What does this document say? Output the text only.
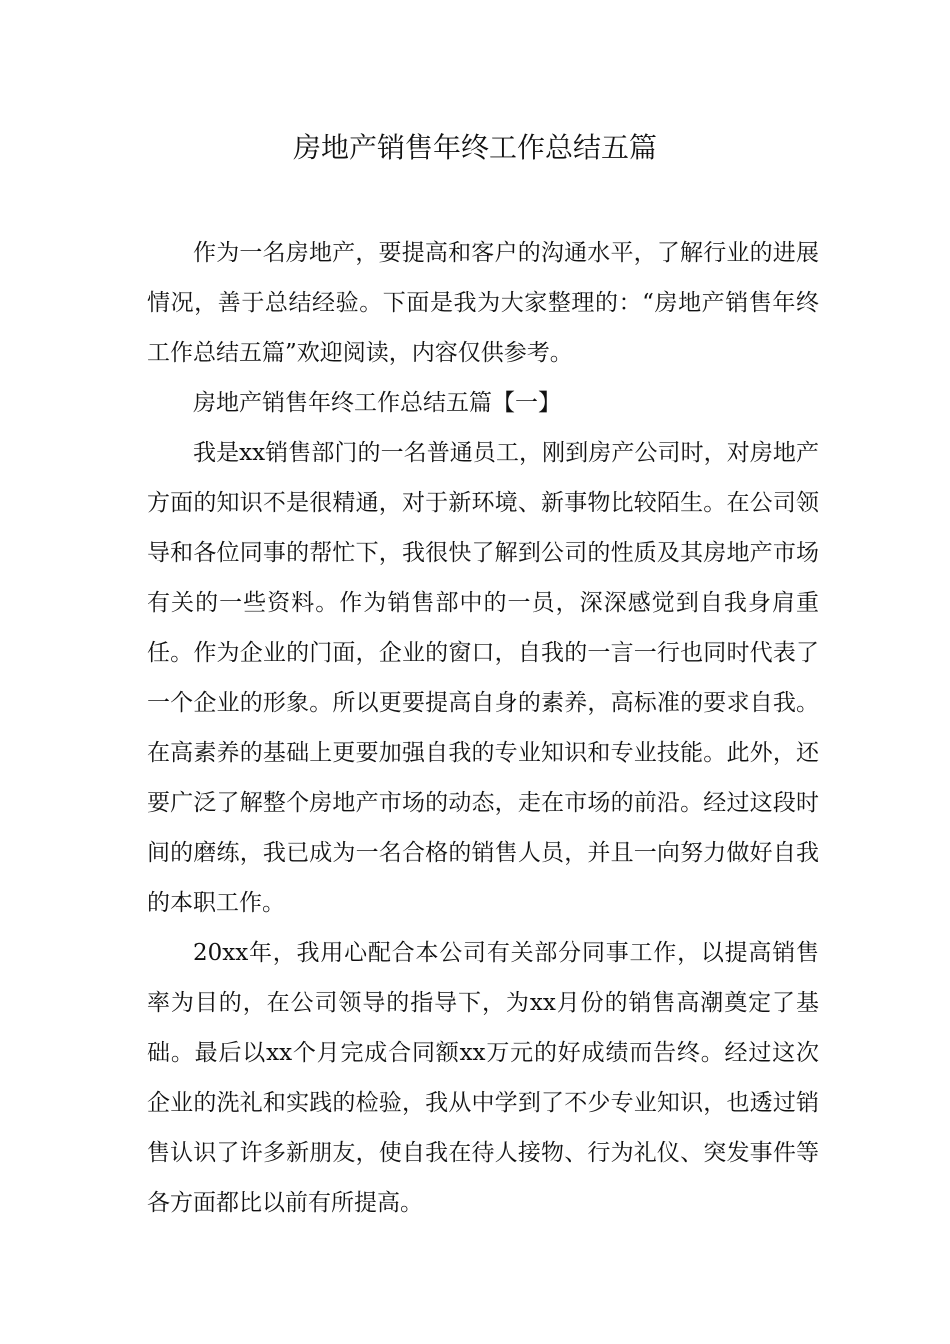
房地产销售年终工作总结五篇

作为一名房地产，要提高和客户的沟通水平，了解行业的进展情况，善于总结经验。下面是我为大家整理的：“房地产销售年终工作总结五篇”欢迎阅读，内容仅供参考。

房地产销售年终工作总结五篇【一】

我是xx销售部门的一名普通员工，刚到房产公司时，对房地产方面的知识不是很精通，对于新环境、新事物比较陌生。在公司领导和各位同事的帮忙下，我很快了解到公司的性质及其房地产市场有关的一些资料。作为销售部中的一员，深深感觉到自我身肩重任。作为企业的门面，企业的窗口，自我的一言一行也同时代表了一个企业的形象。所以更要提高自身的素养，高标准的要求自我。在高素养的基础上更要加强自我的专业知识和专业技能。此外，还要广泛了解整个房地产市场的动态，走在市场的前沿。经过这段时间的磨练，我已成为一名合格的销售人员，并且一向努力做好自我的本职工作。

20xx年，我用心配合本公司有关部分同事工作，以提高销售率为目的，在公司领导的指导下，为xx月份的销售高潮奠定了基础。最后以xx个月完成合同额xx万元的好成绩而告终。经过这次企业的洗礼和实践的检验，我从中学到了不少专业知识，也透过销售认识了许多新朋友，使自我在待人接物、行为礼仪、突发事件等各方面都比以前有所提高。
